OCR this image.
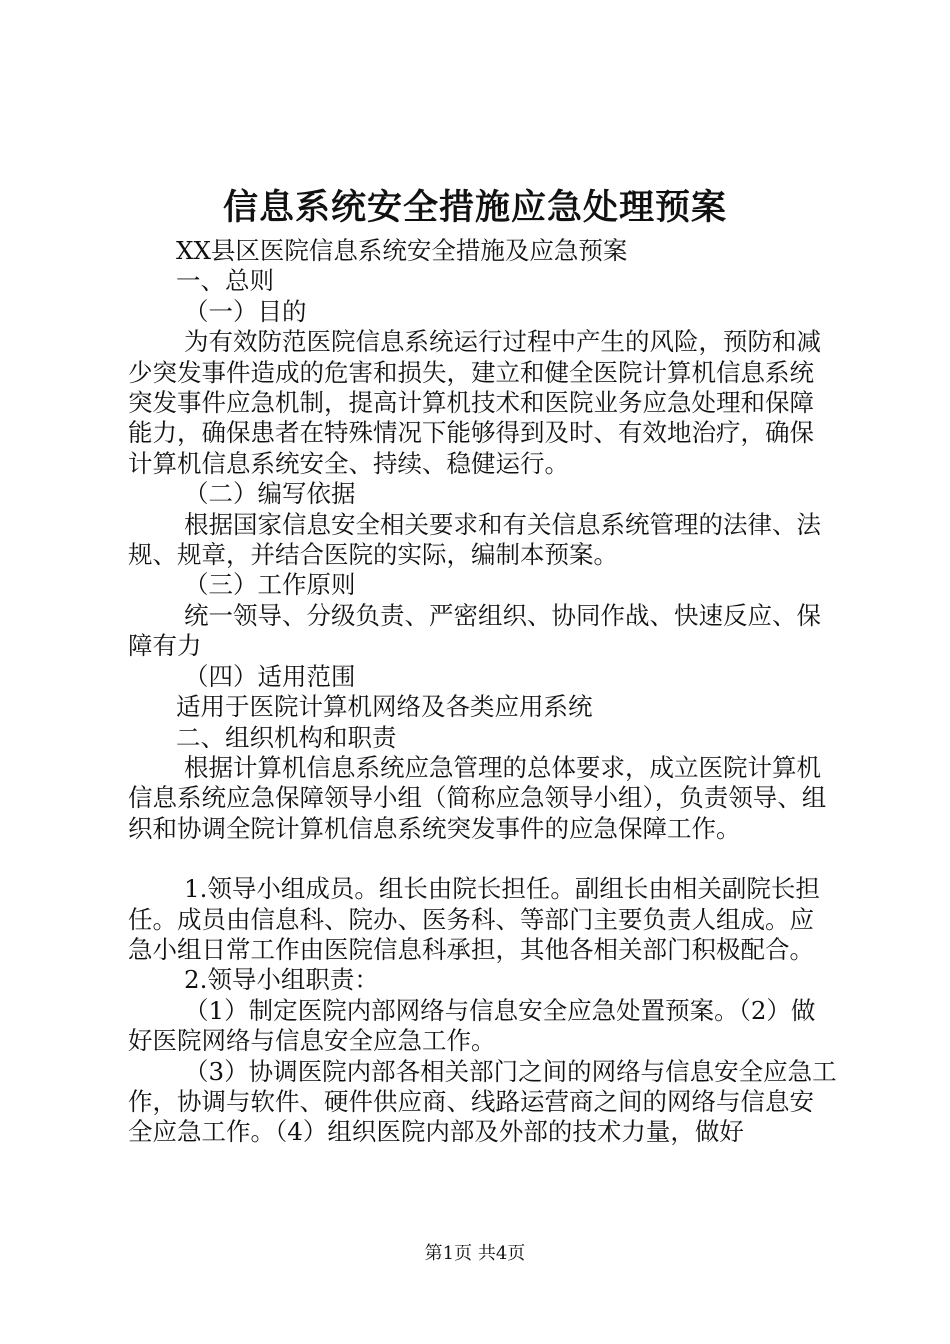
信息系统安全措施应急处理预案

XX县区医院信息系统安全措施及应急预案

一、总则

（一）目的

为有效防范医院信息系统运行过程中产生的风险，预防和减少突发事件造成的危害和损失，建立和健全医院计算机信息系统突发事件应急机制，提高计算机技术和医院业务应急处理和保障能力，确保患者在特殊情况下能够得到及时、有效地治疗，确保计算机信息系统安全、持续、稳健运行。

（二）编写依据

根据国家信息安全相关要求和有关信息系统管理的法律、法规、规章，并结合医院的实际，编制本预案。

（三）工作原则

统一领导、分级负责、严密组织、协同作战、快速反应、保障有力

（四）适用范围

适用于医院计算机网络及各类应用系统

二、组织机构和职责

根据计算机信息系统应急管理的总体要求，成立医院计算机信息系统应急保障领导小组（简称应急领导小组），负责领导、组织和协调全院计算机信息系统突发事件的应急保障工作。

1.领导小组成员。组长由院长担任。副组长由相关副院长担任。成员由信息科、院办、医务科、等部门主要负责人组成。应急小组日常工作由医院信息科承担，其他各相关部门积极配合。

2.领导小组职责：

（1）制定医院内部网络与信息安全应急处置预案。（2）做好医院网络与信息安全应急工作。

（3）协调医院内部各相关部门之间的网络与信息安全应急工作，协调与软件、硬件供应商、线路运营商之间的网络与信息安全应急工作。（4）组织医院内部及外部的技术力量，做好

第1页 共4页
